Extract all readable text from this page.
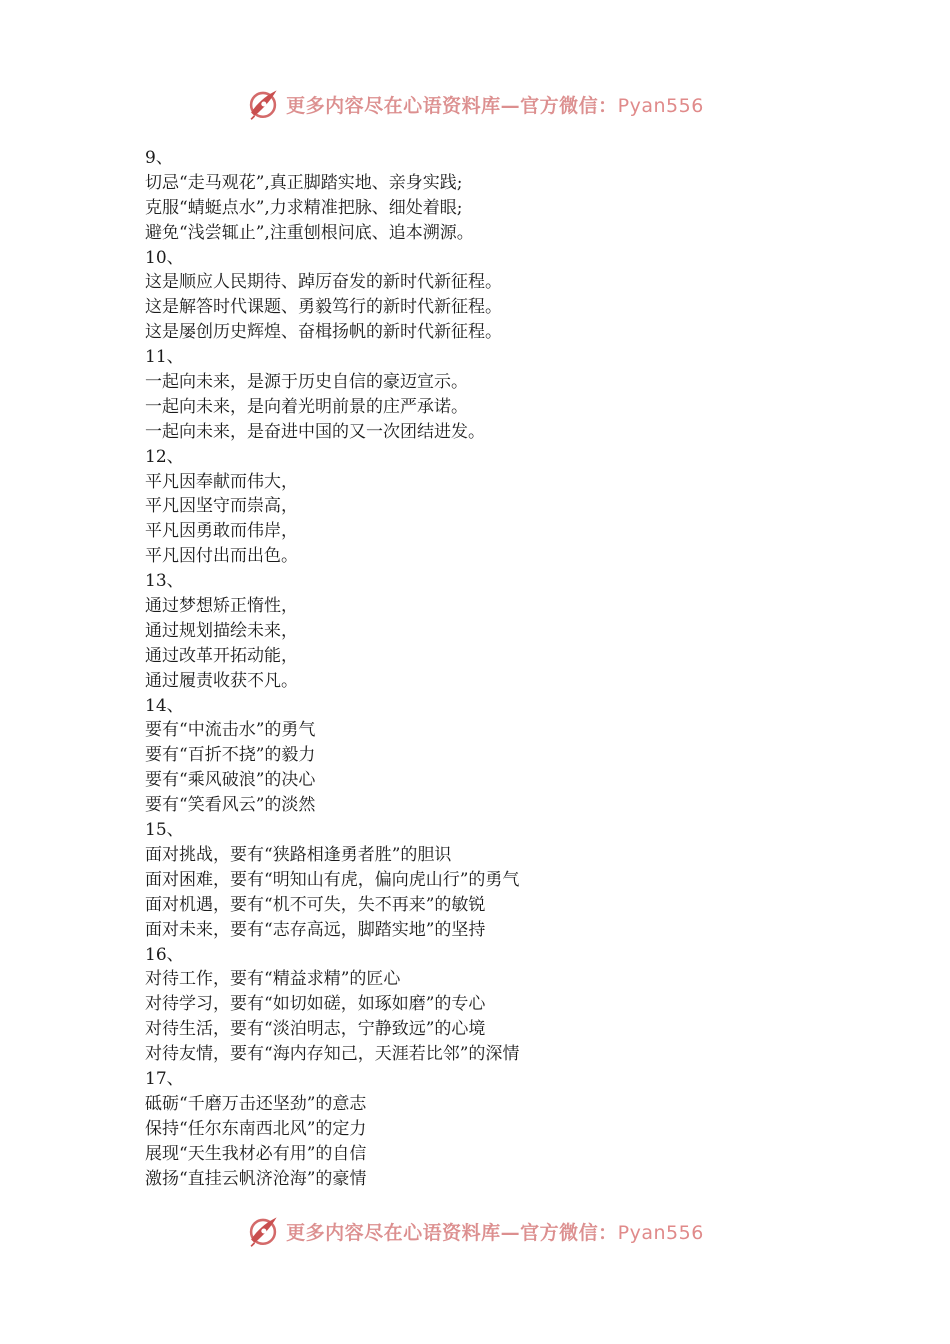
更多内容尽在心语资料库—官方微信：Pyan556
9、
切忌“走马观花”,真正脚踏实地、亲身实践;
克服“蜻蜓点水”,力求精准把脉、细处着眼;
避免“浅尝辄止”,注重刨根问底、追本溯源。
10、
这是顺应人民期待、踔厉奋发的新时代新征程。
这是解答时代课题、勇毅笃行的新时代新征程。
这是屡创历史辉煌、奋楫扬帆的新时代新征程。
11、
一起向未来，是源于历史自信的豪迈宣示。
一起向未来，是向着光明前景的庄严承诺。
一起向未来，是奋进中国的又一次团结进发。
12、
平凡因奉献而伟大，
平凡因坚守而崇高，
平凡因勇敢而伟岸，
平凡因付出而出色。
13、
通过梦想矫正惰性，
通过规划描绘未来，
通过改革开拓动能，
通过履责收获不凡。
14、
要有“中流击水”的勇气
要有“百折不挠”的毅力
要有“乘风破浪”的决心
要有“笑看风云”的淡然
15、
面对挑战，要有“狭路相逢勇者胜”的胆识
面对困难，要有“明知山有虎，偏向虎山行”的勇气
面对机遇，要有“机不可失，失不再来”的敏锐
面对未来，要有“志存高远，脚踏实地”的坚持
16、
对待工作，要有“精益求精”的匠心
对待学习，要有“如切如磋，如琢如磨”的专心
对待生活，要有“淡泊明志，宁静致远”的心境
对待友情，要有“海内存知己，天涯若比邻”的深情
17、
砥砺“千磨万击还坚劲”的意志
保持“任尔东南西北风”的定力
展现“天生我材必有用”的自信
激扬“直挂云帆济沧海”的豪情
更多内容尽在心语资料库—官方微信：Pyan556
